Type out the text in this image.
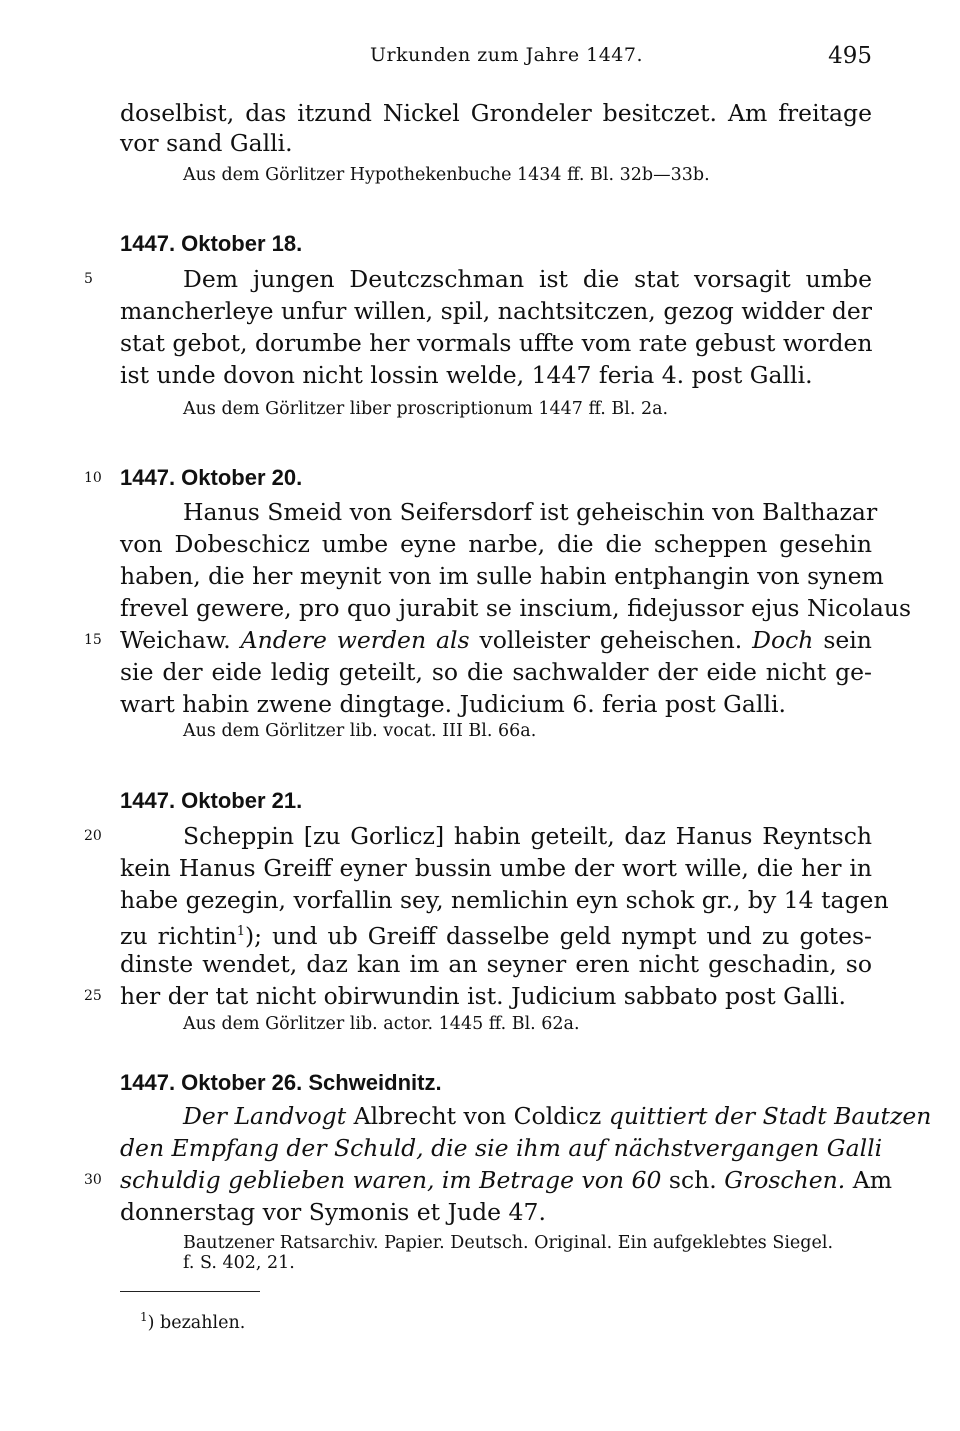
Urkunden zum Jahre 1447.	495
doselbist, das itzund Nickel Grondeler besitczet. Am freitage
vor sand Galli.
Aus dem Görlitzer Hypothekenbuche 1434 ff. Bl. 32b—33b.
1447. Oktober 18.
5	Dem jungen Deutczschman ist die stat vorsagit umbe
mancherleye unfur willen, spil, nachtsitczen, gezog widder der
stat gebot, dorumbe her vormals uffte vom rate gebust worden
ist unde dovon nicht lossin welde, 1447 feria 4. post Galli.
Aus dem Görlitzer liber proscriptionum 1447 ff. Bl. 2a.
10 1447. Oktober 20.
Hanus Smeid von Seifersdorf ist geheischin von Balthazar
von Dobeschicz umbe eyne narbe, die die scheppen gesehin
haben, die her meynit von im sulle habin entphangin von synem
frevel gewere, pro quo jurabit se inscium, fidejussor ejus Nicolaus
15 Weichaw. Andere werden als volleister geheischen. Doch sein
sie der eide ledig geteilt, so die sachwalder der eide nicht ge-
wart habin zwene dingtage. Judicium 6. feria post Galli.
Aus dem Görlitzer lib. vocat. III Bl. 66a.
1447. Oktober 21.
20	Scheppin [zu Gorlicz] habin geteilt, daz Hanus Reyntsch
kein Hanus Greiff eyner bussin umbe der wort wille, die her in
habe gezegin, vorfallin sey, nemlichin eyn schok gr., by 14 tagen
zu richtin$^1$); und ub Greiff dasselbe geld nympt und zu gotes-
dinste wendet, daz kan im an seyner eren nicht geschadin, so
25 her der tat nicht obirwundin ist. Judicium sabbato post Galli.
Aus dem Görlitzer lib. actor. 1445 ff. Bl. 62a.
1447. Oktober 26. Schweidnitz.
Der Landvogt Albrecht von Coldicz quittiert der Stadt Bautzen
den Empfang der Schuld, die sie ihm auf nächstvergangen Galli
30 schuldig geblieben waren, im Betrage von 60 sch. Groschen. Am
donnerstag vor Symonis et Jude 47.
Bautzener Ratsarchiv. Papier. Deutsch. Original. Ein aufgeklebtes Siegel.
f. S. 402, 21.
$^1$) bezahlen.
